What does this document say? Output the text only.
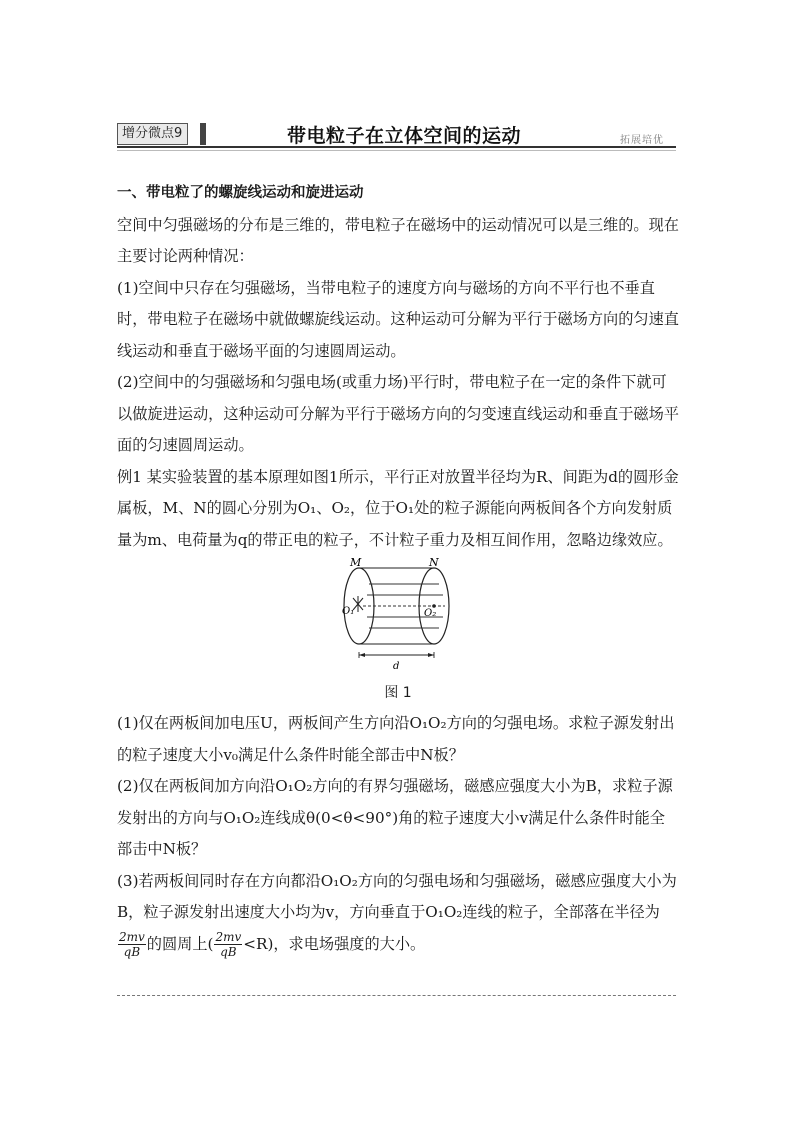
增分微点9	带电粒子在立体空间的运动	拓展培优

一、带电粒了的螺旋线运动和旋进运动

空间中匀强磁场的分布是三维的，带电粒子在磁场中的运动情况可以是三维的。现在主要讨论两种情况：

(1)空间中只存在匀强磁场，当带电粒子的速度方向与磁场的方向不平行也不垂直时，带电粒子在磁场中就做螺旋线运动。这种运动可分解为平行于磁场方向的匀速直线运动和垂直于磁场平面的匀速圆周运动。

(2)空间中的匀强磁场和匀强电场(或重力场)平行时，带电粒子在一定的条件下就可以做旋进运动，这种运动可分解为平行于磁场方向的匀变速直线运动和垂直于磁场平面的匀速圆周运动。

例1 某实验装置的基本原理如图1所示，平行正对放置半径均为R、间距为d的圆形金属板，M、N的圆心分别为O₁、O₂，位于O₁处的粒子源能向两板间各个方向发射质量为m、电荷量为q的带正电的粒子，不计粒子重力及相互间作用，忽略边缘效应。

M	N
O₁	O₂
d
图 1

(1)仅在两板间加电压U，两板间产生方向沿O₁O₂方向的匀强电场。求粒子源发射出的粒子速度大小v₀满足什么条件时能全部击中N板？

(2)仅在两板间加方向沿O₁O₂方向的有界匀强磁场，磁感应强度大小为B，求粒子源发射出的方向与O₁O₂连线成θ(0<θ<90°)角的粒子速度大小v满足什么条件时能全部击中N板？

(3)若两板间同时存在方向都沿O₁O₂方向的匀强电场和匀强磁场，磁感应强度大小为B，粒子源发射出速度大小均为v，方向垂直于O₁O₂连线的粒子，全部落在半径为
$\frac{2mv}{qB}$ 的圆周上( $\frac{2mv}{qB} <R$)，求电场强度的大小。
